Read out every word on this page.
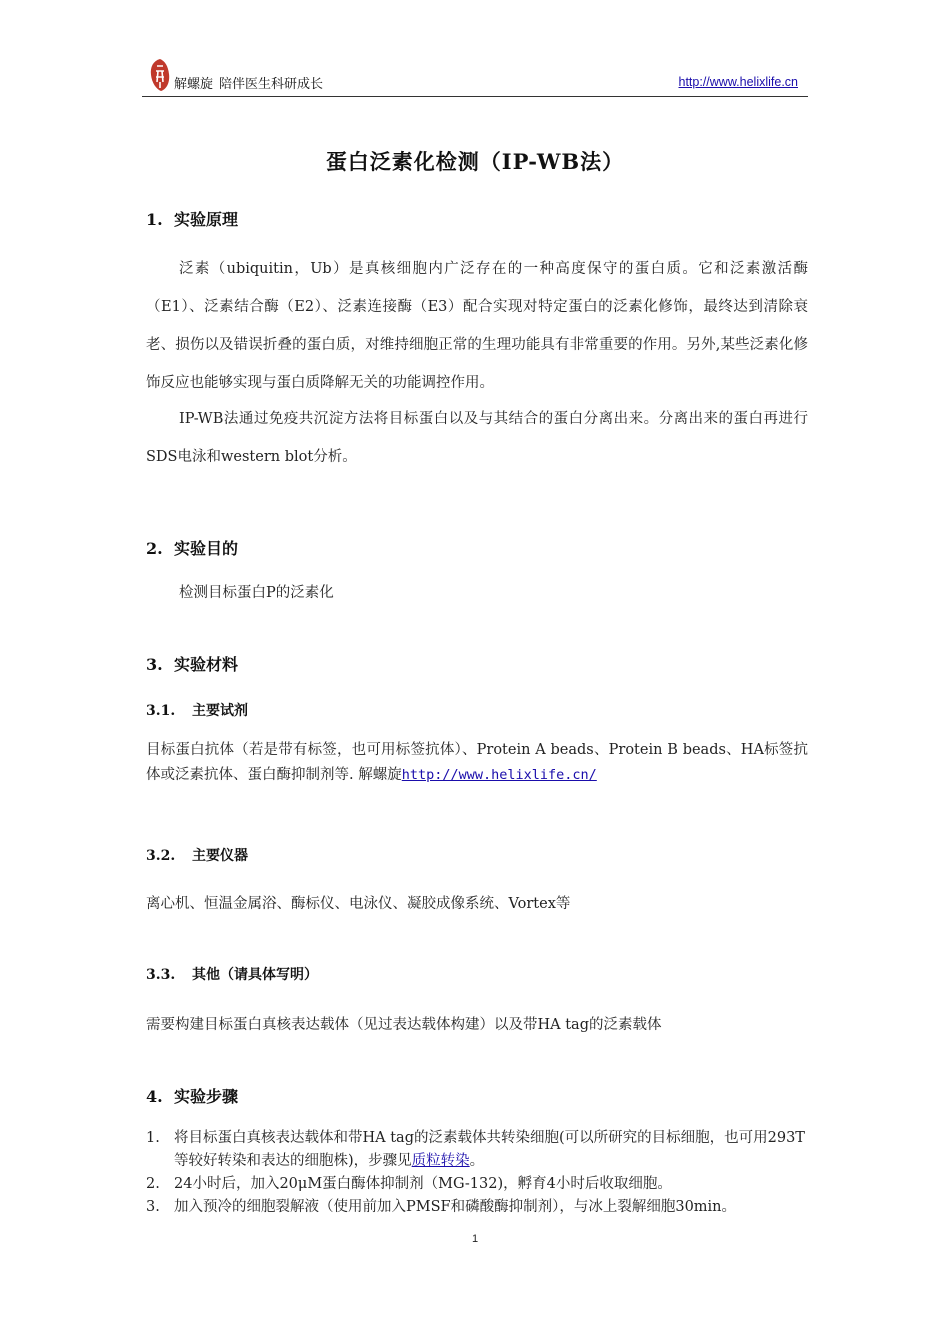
解螺旋 陪伴医生科研成长	http://www.helixlife.cn
蛋白泛素化检测（IP-WB法）
1. 实验原理
泛素（ubiquitin，Ub）是真核细胞内广泛存在的一种高度保守的蛋白质。它和泛素激活酶（E1）、泛素结合酶（E2）、泛素连接酶（E3）配合实现对特定蛋白的泛素化修饰，最终达到清除衰老、损伤以及错误折叠的蛋白质，对维持细胞正常的生理功能具有非常重要的作用。另外,某些泛素化修饰反应也能够实现与蛋白质降解无关的功能调控作用。
IP-WB法通过免疫共沉淀方法将目标蛋白以及与其结合的蛋白分离出来。分离出来的蛋白再进行SDS电泳和western blot分析。
2. 实验目的
检测目标蛋白P的泛素化
3. 实验材料
3.1. 主要试剂
目标蛋白抗体（若是带有标签，也可用标签抗体）、Protein A beads、Protein B beads、HA标签抗体或泛素抗体、蛋白酶抑制剂等. 解螺旋http://www.helixlife.cn/
3.2. 主要仪器
离心机、恒温金属浴、酶标仪、电泳仪、凝胶成像系统、Vortex等
3.3. 其他（请具体写明）
需要构建目标蛋白真核表达载体（见过表达载体构建）以及带HA tag的泛素载体
4. 实验步骤
1. 将目标蛋白真核表达载体和带HA tag的泛素载体共转染细胞(可以所研究的目标细胞，也可用293T等较好转染和表达的细胞株)，步骤见质粒转染。
2. 24小时后，加入20μM蛋白酶体抑制剂（MG-132)，孵育4小时后收取细胞。
3. 加入预冷的细胞裂解液（使用前加入PMSF和磷酸酶抑制剂），与冰上裂解细胞30min。
1
